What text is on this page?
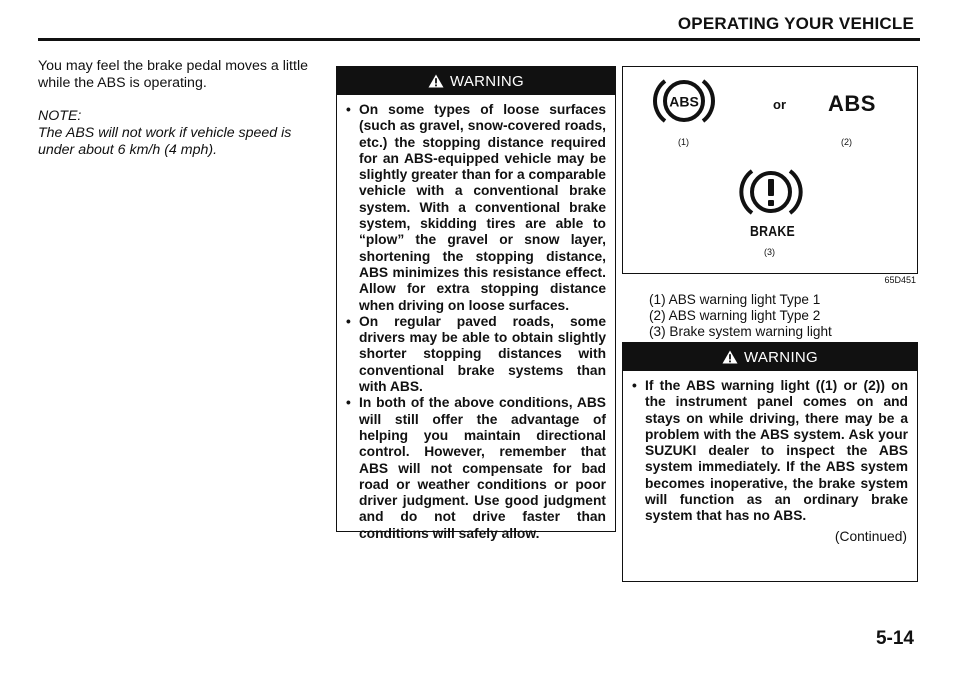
OPERATING YOUR VEHICLE

You may feel the brake pedal moves a little while the ABS is operating.

NOTE:
The ABS will not work if vehicle speed is under about 6 km/h (4 mph).

WARNING
• On some types of loose surfaces (such as gravel, snow-covered roads, etc.) the stopping distance required for an ABS-equipped vehicle may be slightly greater than for a comparable vehicle with a conventional brake system. With a conventional brake system, skidding tires are able to “plow” the gravel or snow layer, shortening the stopping distance, ABS minimizes this resistance effect. Allow for extra stopping distance when driving on loose surfaces.
• On regular paved roads, some drivers may be able to obtain slightly shorter stopping distances with conventional brake systems than with ABS.
• In both of the above conditions, ABS will still offer the advantage of helping you maintain directional control. However, remember that ABS will not compensate for bad road or weather conditions or poor driver judgment. Use good judgment and do not drive faster than conditions will safely allow.
ABS	or ABS
(1)	(2)
BRAKE
(3)
65D451
(1) ABS warning light Type 1
(2) ABS warning light Type 2
(3) Brake system warning light
WARNING
• If the ABS warning light ((1) or (2)) on the instrument panel comes on and stays on while driving, there may be a problem with the ABS system. Ask your SUZUKI dealer to inspect the ABS system immediately. If the ABS system becomes inoperative, the brake system will function as an ordinary brake system that has no ABS.
(Continued)
5-14
